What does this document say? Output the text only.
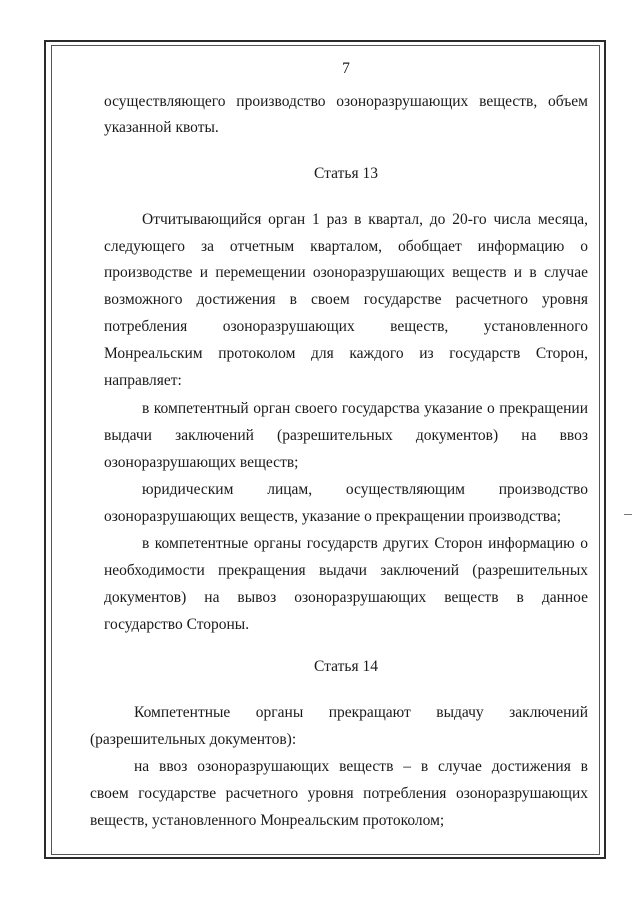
7
осуществляющего производство озоноразрушающих веществ, объем
указанной квоты.
Статья 13
Отчитывающийся орган 1 раз в квартал, до 20-го числа месяца,
следующего за отчетным кварталом, обобщает информацию о
производстве и перемещении озоноразрушающих веществ и в случае
возможного достижения в своем государстве расчетного уровня
потребления озоноразрушающих веществ, установленного
Монреальским протоколом для каждого из государств Сторон,
направляет:
в компетентный орган своего государства указание о прекращении
выдачи заключений (разрешительных документов) на ввоз
озоноразрушающих веществ;
юридическим лицам, осуществляющим производство
озоноразрушающих веществ, указание о прекращении производства;
в компетентные органы государств других Сторон информацию о
необходимости прекращения выдачи заключений (разрешительных
документов) на вывоз озоноразрушающих веществ в данное
государство Стороны.
Статья 14
Компетентные органы прекращают выдачу заключений
(разрешительных документов):
на ввоз озоноразрушающих веществ – в случае достижения в
своем государстве расчетного уровня потребления озоноразрушающих
веществ, установленного Монреальским протоколом;
